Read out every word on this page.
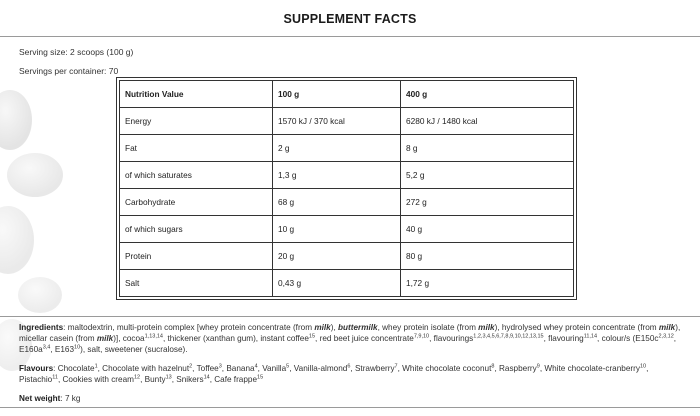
SUPPLEMENT FACTS
Serving size: 2 scoops (100 g)
Servings per container: 70
Nutrition Value	100 g	400 g
Energy	1570 kJ / 370 kcal	6280 kJ / 1480 kcal
Fat	2 g	8 g
of which saturates	1,3 g	5,2 g
Carbohydrate	68 g	272 g
of which sugars	10 g	40 g
Protein	20 g	80 g
Salt	0,43 g	1,72 g
Ingredients: maltodextrin, multi-protein complex [whey protein concentrate (from milk), buttermilk, whey protein isolate (from milk), hydrolysed whey protein concentrate (from milk), micellar casein (from milk)], cocoa$^{1,13,14}$, thickener (xanthan gum), instant coffee$^{15}$, red beet juice concentrate$^{7,9,10}$, flavourings$^{1,2,3,4,5,6,7,8,9,10,12,13,15}$, flavouring$^{11,14}$, colour/s ($E150c^{2,3,12}$, $E160a^{3,4}$, $E163^{10}$), salt, sweetener (sucralose).
Flavours: Chocolate$^1$, Chocolate with hazelnut$^2$, Toffee$^3$, Banana$^4$, Vanilla$^5$, Vanilla-almond$^6$, Strawberry$^7$, White chocolate coconut$^8$, Raspberry$^9$, White chocolate-cranberry$^{10}$, Pistachio$^{11}$, Cookies with cream$^{12}$, Bunty$^{13}$, Snikers$^{14}$, Cafe frappe$^{15}$
Net weight: 7 kg
